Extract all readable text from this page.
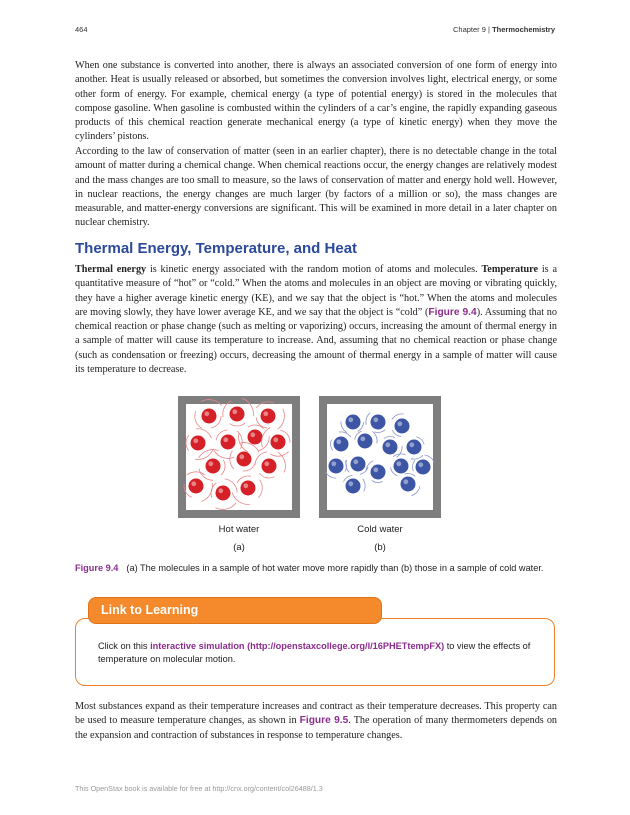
464	Chapter 9 | Thermochemistry

When one substance is converted into another, there is always an associated conversion of one form of energy into another. Heat is usually released or absorbed, but sometimes the conversion involves light, electrical energy, or some other form of energy. For example, chemical energy (a type of potential energy) is stored in the molecules that compose gasoline. When gasoline is combusted within the cylinders of a car’s engine, the rapidly expanding gaseous products of this chemical reaction generate mechanical energy (a type of kinetic energy) when they move the cylinders’ pistons.

According to the law of conservation of matter (seen in an earlier chapter), there is no detectable change in the total amount of matter during a chemical change. When chemical reactions occur, the energy changes are relatively modest and the mass changes are too small to measure, so the laws of conservation of matter and energy hold well. However, in nuclear reactions, the energy changes are much larger (by factors of a million or so), the mass changes are measurable, and matter-energy conversions are significant. This will be examined in more detail in a later chapter on nuclear chemistry.

Thermal Energy, Temperature, and Heat

Thermal energy is kinetic energy associated with the random motion of atoms and molecules. Temperature is a quantitative measure of “hot” or “cold.” When the atoms and molecules in an object are moving or vibrating quickly, they have a higher average kinetic energy (KE), and we say that the object is “hot.” When the atoms and molecules are moving slowly, they have lower average KE, and we say that the object is “cold” (Figure 9.4). Assuming that no chemical reaction or phase change (such as melting or vaporizing) occurs, increasing the amount of thermal energy in a sample of matter will cause its temperature to increase. And, assuming that no chemical reaction or phase change (such as condensation or freezing) occurs, decreasing the amount of thermal energy in a sample of matter will cause its temperature to decrease.

Hot water	Cold water
(a)	(b)
Figure 9.4 (a) The molecules in a sample of hot water move more rapidly than (b) those in a sample of cold water.
Link to Learning
Click on this interactive simulation (http://openstaxcollege.org/l/16PHETtempFX) to view the effects of temperature on molecular motion.

Most substances expand as their temperature increases and contract as their temperature decreases. This property can be used to measure temperature changes, as shown in Figure 9.5. The operation of many thermometers depends on the expansion and contraction of substances in response to temperature changes.

This OpenStax book is available for free at http://cnx.org/content/col26488/1.3
